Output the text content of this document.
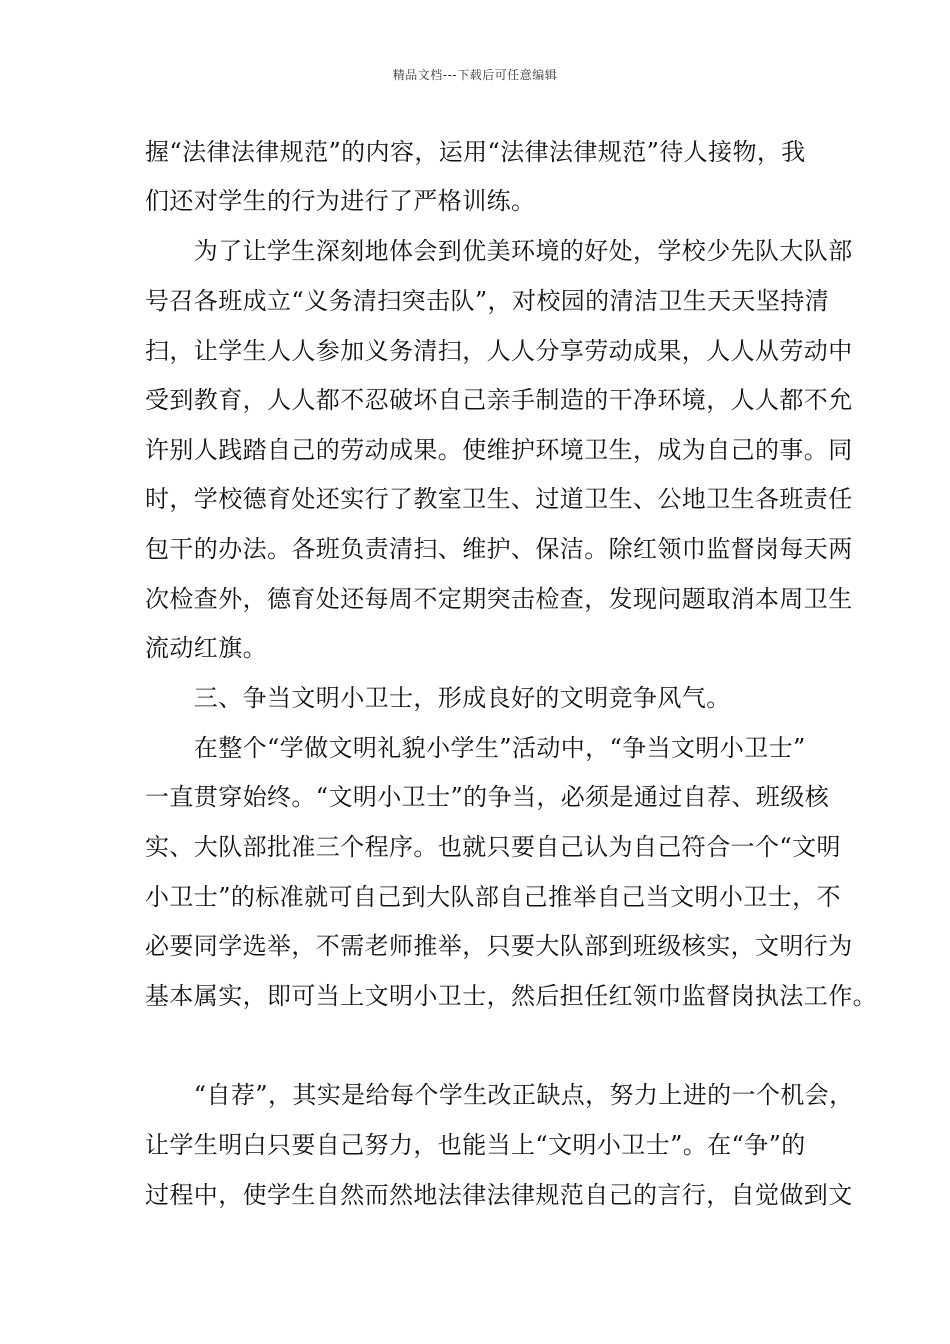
精品文档---下载后可任意编辑
握“法律法律规范”的内容，运用“法律法律规范”待人接物，我
们还对学生的行为进行了严格训练。
　　为了让学生深刻地体会到优美环境的好处，学校少先队大队部
号召各班成立“义务清扫突击队”，对校园的清洁卫生天天坚持清
扫，让学生人人参加义务清扫，人人分享劳动成果，人人从劳动中
受到教育，人人都不忍破坏自己亲手制造的干净环境，人人都不允
许别人践踏自己的劳动成果。使维护环境卫生，成为自己的事。同
时，学校德育处还实行了教室卫生、过道卫生、公地卫生各班责任
包干的办法。各班负责清扫、维护、保洁。除红领巾监督岗每天两
次检查外，德育处还每周不定期突击检查，发现问题取消本周卫生
流动红旗。
　　三、争当文明小卫士，形成良好的文明竞争风气。
　　在整个“学做文明礼貌小学生”活动中，“争当文明小卫士”
一直贯穿始终。“文明小卫士”的争当，必须是通过自荐、班级核
实、大队部批准三个程序。也就只要自己认为自己符合一个“文明
小卫士”的标准就可自己到大队部自己推举自己当文明小卫士，不
必要同学选举，不需老师推举，只要大队部到班级核实，文明行为
基本属实，即可当上文明小卫士，然后担任红领巾监督岗执法工作。
　　“自荐”，其实是给每个学生改正缺点，努力上进的一个机会，
让学生明白只要自己努力，也能当上“文明小卫士”。在“争”的
过程中，使学生自然而然地法律法律规范自己的言行，自觉做到文
